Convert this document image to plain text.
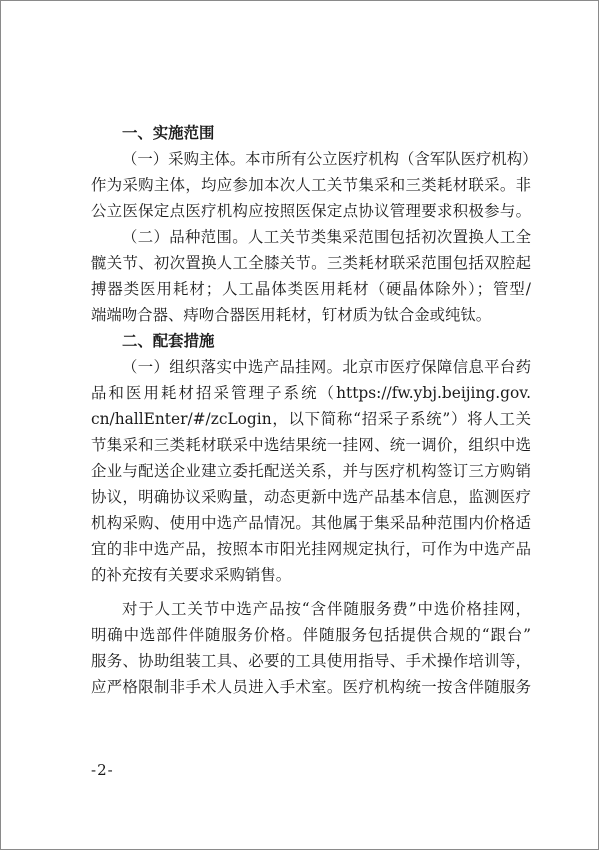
一、实施范围
（一）采购主体。本市所有公立医疗机构（含军队医疗机构）
作为采购主体，均应参加本次人工关节集采和三类耗材联采。非
公立医保定点医疗机构应按照医保定点协议管理要求积极参与。
（二）品种范围。人工关节类集采范围包括初次置换人工全
髋关节、初次置换人工全膝关节。三类耗材联采范围包括双腔起
搏器类医用耗材；人工晶体类医用耗材（硬晶体除外）；管型/
端端吻合器、痔吻合器医用耗材，钉材质为钛合金或纯钛。
二、配套措施
（一）组织落实中选产品挂网。北京市医疗保障信息平台药
品和医用耗材招采管理子系统（https://fw.ybj.beijing.gov.
cn/hallEnter/#/zcLogin，以下简称“招采子系统”）将人工关
节集采和三类耗材联采中选结果统一挂网、统一调价，组织中选
企业与配送企业建立委托配送关系，并与医疗机构签订三方购销
协议，明确协议采购量，动态更新中选产品基本信息，监测医疗
机构采购、使用中选产品情况。其他属于集采品种范围内价格适
宜的非中选产品，按照本市阳光挂网规定执行，可作为中选产品
的补充按有关要求采购销售。
对于人工关节中选产品按“含伴随服务费”中选价格挂网，
明确中选部件伴随服务价格。伴随服务包括提供合规的“跟台”
服务、协助组装工具、必要的工具使用指导、手术操作培训等，
应严格限制非手术人员进入手术室。医疗机构统一按含伴随服务
-2-
